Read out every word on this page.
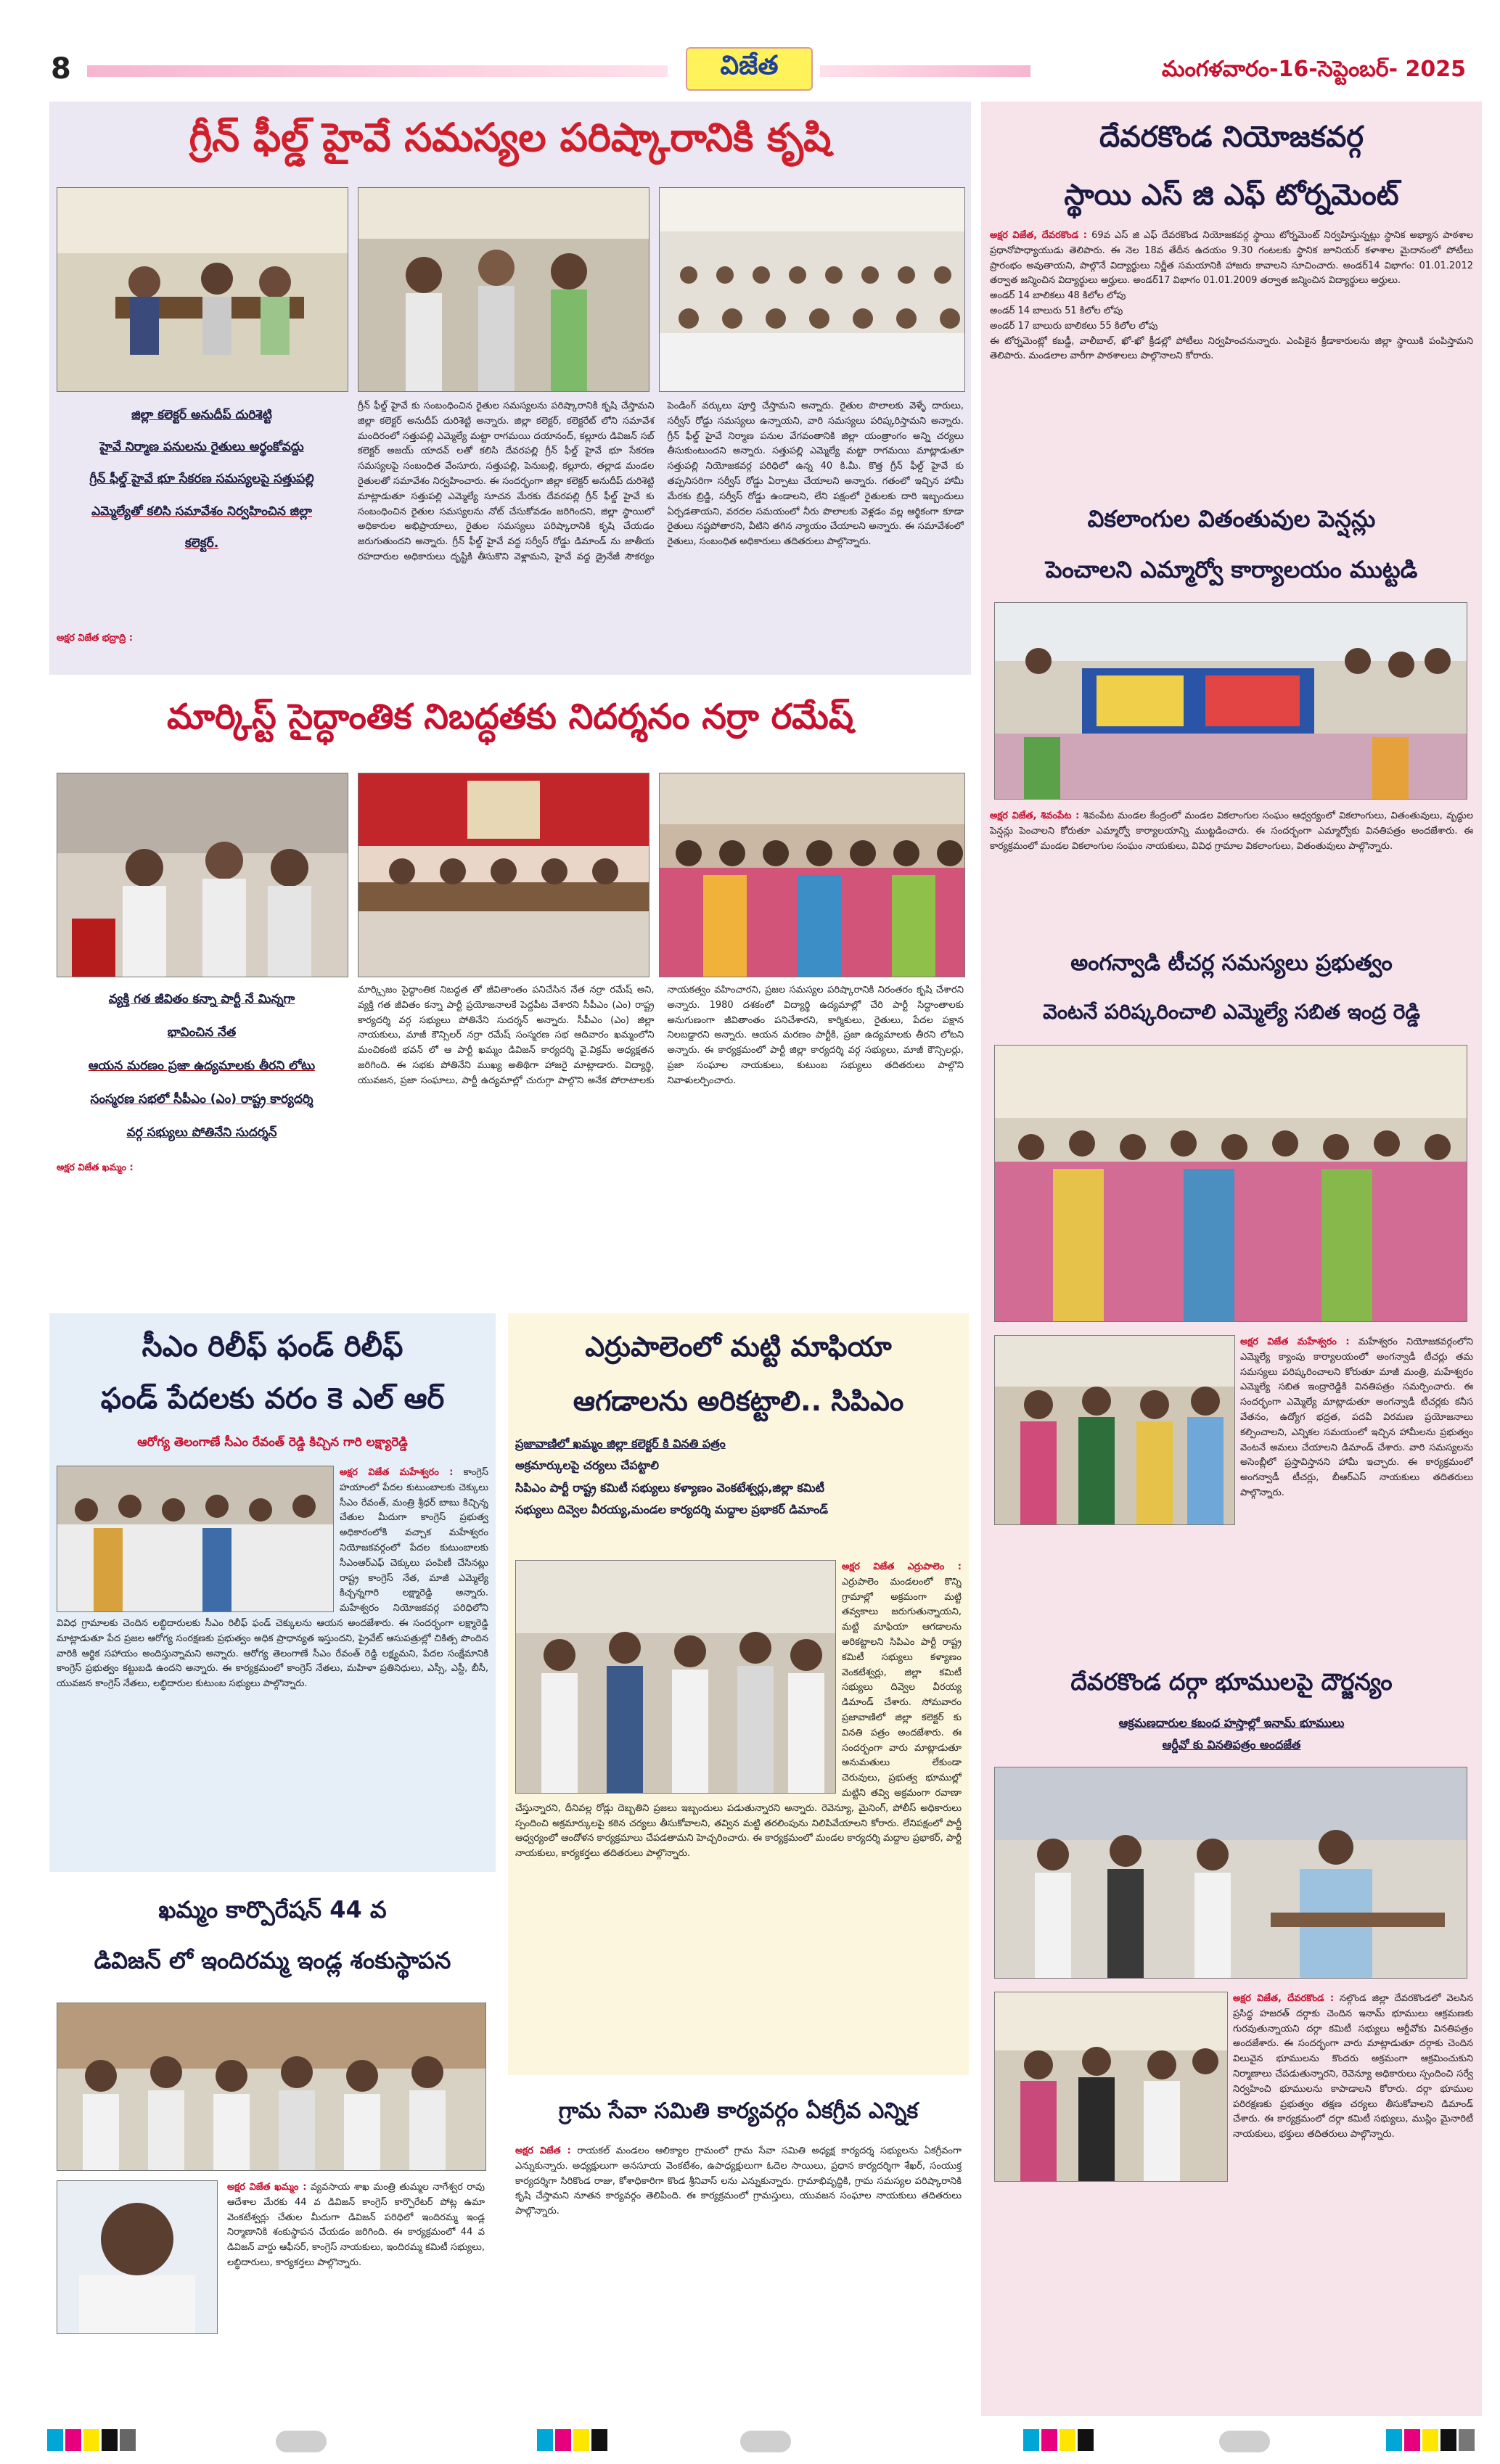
8	విజేత	మంగళవారం-16-సెప్టెంబర్- 2025
గ్రీన్ ఫీల్డ్ హైవే సమస్యల పరిష్కారానికి కృషి
జిల్లా కలెక్టర్ అనుదీప్ దురిశెట్టి
హైవే నిర్మాణ పనులను రైతులు అర్థంకోవద్దు
గ్రీన్ ఫీల్డ్ హైవే భూ సేకరణ సమస్యలపై సత్తుపల్లి
ఎమ్మెల్యేతో కలిసి సమావేశం నిర్వహించిన జిల్లా
కలెక్టర్.
అక్షర విజేత భద్రాద్రి :
గ్రీన్ ఫీల్డ్ హైవే కు సంబంధించిన రైతుల సమస్యలను పరిష్కారానికి కృషి చేస్తామని జిల్లా కలెక్టర్ అనుదీప్ దురిశెట్టి అన్నారు. జిల్లా కలెక్టర్, కలెక్టరేట్ లోని సమావేశ మందిరంలో సత్తుపల్లి ఎమ్మెల్యే మట్టా రాగమయి దయానంద్, కల్లూరు డివిజన్ సబ్ కలెక్టర్ అజయ్ యాదవ్ లతో కలిసి దేవరపల్లి గ్రీన్ ఫీల్డ్ హైవే భూ సేకరణ సమస్యలపై సంబంధిత వేంసూరు, సత్తుపల్లి, పెనుబల్లి, కల్లూరు, తల్లాడ మండల రైతులతో సమావేశం నిర్వహించారు. ఈ సందర్భంగా జిల్లా కలెక్టర్ అనుదీప్ దురిశెట్టి మాట్లాడుతూ సత్తుపల్లి ఎమ్మెల్యే సూచన మేరకు దేవరపల్లి గ్రీన్ ఫీల్డ్ హైవే కు సంబంధించిన రైతుల సమస్యలను నోట్ చేసుకోవడం జరిగిందని, జిల్లా స్థాయిలో అధికారుల అభిప్రాయాలు, రైతుల సమస్యలు పరిష్కారానికి కృషి చేయడం జరుగుతుందని అన్నారు. గ్రీన్ ఫీల్డ్ హైవే వద్ద సర్వీస్ రోడ్డు డిమాండ్ ను జాతీయ రహదారుల అధికారులు దృష్టికి తీసుకొని వెళ్లామని, హైవే వద్ద డ్రైనేజీ సౌకర్యం పెండింగ్ వర్కులు పూర్తి చేస్తామని అన్నారు. రైతుల పొలాలకు వెళ్ళే దారులు, సర్వీస్ రోడ్డు సమస్యలు ఉన్నాయని, వారి సమస్యలు పరిష్కరిస్తామని అన్నారు. గ్రీన్ ఫీల్డ్ హైవే నిర్మాణ పనుల వేగవంతానికి జిల్లా యంత్రాంగం అన్ని చర్యలు తీసుకుంటుందని అన్నారు. సత్తుపల్లి ఎమ్మెల్యే మట్టా రాగమయి మాట్లాడుతూ సత్తుపల్లి నియోజకవర్గ పరిధిలో ఉన్న 40 కి.మీ. కొత్త గ్రీన్ ఫీల్డ్ హైవే కు తప్పనిసరిగా సర్వీస్ రోడ్డు ఏర్పాటు చేయాలని అన్నారు. గతంలో ఇచ్చిన హామీ మేరకు బ్రిడ్జి, సర్వీస్ రోడ్డు ఉండాలని, లేని పక్షంలో రైతులకు దారి ఇబ్బందులు ఏర్పడతాయని, వరదల సమయంలో నీరు పొలాలకు వెళ్లడం వల్ల ఆర్థికంగా కూడా రైతులు నష్టపోతారని, వీటిని తగిన న్యాయం చేయాలని అన్నారు. ఈ సమావేశంలో రైతులు, సంబంధిత అధికారులు తదితరులు పాల్గొన్నారు.
మార్కిస్ట్ సైద్ధాంతిక నిబద్ధతకు నిదర్శనం నర్రా రమేష్
వ్యక్తి గత జీవితం కన్నా పార్టీ నే మిన్నగా
భావించిన నేత
ఆయన మరణం ప్రజా ఉద్యమాలకు తీరని లోటు
సంస్మరణ సభలో సీపీఎం (ఎం) రాష్ట్ర కార్యదర్శి
వర్గ సభ్యులు పోతినేని సుదర్శన్
అక్షర విజేత ఖమ్మం :
మార్క్సిజం సైద్ధాంతిక నిబద్ధత తో జీవితాంతం పనిచేసిన నేత నర్రా రమేష్ అని, వ్యక్తి గత జీవితం కన్నా పార్టీ ప్రయోజనాలకే పెద్దపీట వేశారని సీపీఎం (ఎం) రాష్ట్ర కార్యదర్శి వర్గ సభ్యులు పోతినేని సుదర్శన్ అన్నారు. సీపీఎం (ఎం) జిల్లా నాయకులు, మాజీ కౌన్సిలర్ నర్రా రమేష్ సంస్మరణ సభ ఆదివారం ఖమ్మంలోని మంచికంటి భవన్ లో ఆ పార్టీ ఖమ్మం డివిజన్ కార్యదర్శి వై.విక్రమ్ అధ్యక్షతన జరిగింది. ఈ సభకు పోతినేని ముఖ్య అతిథిగా హాజరై మాట్లాడారు. విద్యార్థి, యువజన, ప్రజా సంఘాలు, పార్టీ ఉద్యమాల్లో చురుగ్గా పాల్గొని అనేక పోరాటాలకు నాయకత్వం వహించారని, ప్రజల సమస్యల పరిష్కారానికి నిరంతరం కృషి చేశారని అన్నారు. 1980 దశకంలో విద్యార్థి ఉద్యమాల్లో చేరి పార్టీ సిద్ధాంతాలకు అనుగుణంగా జీవితాంతం పనిచేశారని, కార్మికులు, రైతులు, పేదల పక్షాన నిలబడ్డారని అన్నారు. ఆయన మరణం పార్టీకి, ప్రజా ఉద్యమాలకు తీరని లోటని అన్నారు. ఈ కార్యక్రమంలో పార్టీ జిల్లా కార్యదర్శి వర్గ సభ్యులు, మాజీ కౌన్సిలర్లు, ప్రజా సంఘాల నాయకులు, కుటుంబ సభ్యులు తదితరులు పాల్గొని నివాళులర్పించారు.
సీఎం రిలీఫ్ ఫండ్ రిలీఫ్
ఫండ్ పేదలకు వరం కె ఎల్ ఆర్
ఆరోగ్య తెలంగాణే సీఎం రేవంత్ రెడ్డి కిచ్చిన గారి లక్ష్యారెడ్డి
అక్షర విజేత మహేశ్వరం : కాంగ్రెస్ హయాంలో పేదల కుటుంబాలకు చెక్కులు సీఎం రేవంత్, మంత్రి శ్రీధర్ బాబు కిచ్చిన్న చేతుల మీదుగా కాంగ్రెస్ ప్రభుత్వ అధికారంలోకి వచ్చాక మహేశ్వరం నియోజకవర్గంలో పేదల కుటుంబాలకు సీఎంఆర్ఎఫ్ చెక్కులు పంపిణీ చేసినట్లు రాష్ట్ర కాంగ్రెస్ నేత, మాజీ ఎమ్మెల్యే కిచ్చన్నగారి లక్ష్మారెడ్డి అన్నారు. మహేశ్వరం నియోజకవర్గ పరిధిలోని వివిధ గ్రామాలకు చెందిన లబ్ధిదారులకు సీఎం రిలీఫ్ ఫండ్ చెక్కులను ఆయన అందజేశారు. ఈ సందర్భంగా లక్ష్మారెడ్డి మాట్లాడుతూ పేద ప్రజల ఆరోగ్య సంరక్షణకు ప్రభుత్వం అధిక ప్రాధాన్యత ఇస్తుందని, ప్రైవేట్ ఆసుపత్రుల్లో చికిత్స పొందిన వారికి ఆర్థిక సహాయం అందిస్తున్నామని అన్నారు. ఆరోగ్య తెలంగాణే సీఎం రేవంత్ రెడ్డి లక్ష్యమని, పేదల సంక్షేమానికి కాంగ్రెస్ ప్రభుత్వం కట్టుబడి ఉందని అన్నారు. ఈ కార్యక్రమంలో కాంగ్రెస్ నేతలు, మహిళా ప్రతినిధులు, ఎస్సీ, ఎస్టీ, బీసీ, యువజన కాంగ్రెస్ నేతలు, లబ్ధిదారుల కుటుంబ సభ్యులు పాల్గొన్నారు.
ఖమ్మం కార్పొరేషన్ 44 వ
డివిజన్ లో ఇందిరమ్మ ఇండ్ల శంకుస్థాపన
అక్షర విజేత ఖమ్మం : వ్యవసాయ శాఖ మంత్రి తుమ్మల నాగేశ్వర రావు ఆదేశాల మేరకు 44 వ డివిజన్ కాంగ్రెస్ కార్పొరేటర్ పోట్ల ఉమా వెంకటేశ్వర్లు చేతుల మీదుగా డివిజన్ పరిధిలో ఇందిరమ్మ ఇండ్ల నిర్మాణానికి శంకుస్థాపన చేయడం జరిగింది. ఈ కార్యక్రమంలో 44 వ డివిజన్ వార్డు ఆఫీసర్, కాంగ్రెస్ నాయకులు, ఇందిరమ్మ కమిటీ సభ్యులు, లబ్ధిదారులు, కార్యకర్తలు పాల్గొన్నారు.
ఎర్రుపాలెంలో మట్టి మాఫియా
ఆగడాలను అరికట్టాలి.. సిపిఎం
ప్రజావాణిలో ఖమ్మం జిల్లా కలెక్టర్ కి వినతి పత్రం
అక్రమార్కులపై చర్యలు చేపట్టాలి
సిపిఎం పార్టీ రాష్ట్ర కమిటీ సభ్యులు కళ్యాణం వెంకటేశ్వర్లు,జిల్లా కమిటీ
సభ్యులు దివ్వెల వీరయ్య,మండల కార్యదర్శి మద్దాల ప్రభాకర్ డిమాండ్
అక్షర విజేత ఎర్రుపాలెం : ఎర్రుపాలెం మండలంలో కొన్ని గ్రామాల్లో అక్రమంగా మట్టి తవ్వకాలు జరుగుతున్నాయని, మట్టి మాఫియా ఆగడాలను అరికట్టాలని సిపిఎం పార్టీ రాష్ట్ర కమిటీ సభ్యులు కళ్యాణం వెంకటేశ్వర్లు, జిల్లా కమిటీ సభ్యులు దివ్వెల వీరయ్య డిమాండ్ చేశారు. సోమవారం ప్రజావాణిలో జిల్లా కలెక్టర్ కు వినతి పత్రం అందజేశారు. ఈ సందర్భంగా వారు మాట్లాడుతూ అనుమతులు లేకుండా చెరువులు, ప్రభుత్వ భూముల్లో మట్టిని తవ్వి అక్రమంగా రవాణా చేస్తున్నారని, దీనివల్ల రోడ్లు దెబ్బతిని ప్రజలు ఇబ్బందులు పడుతున్నారని అన్నారు. రెవెన్యూ, మైనింగ్, పోలీస్ అధికారులు స్పందించి అక్రమార్కులపై కఠిన చర్యలు తీసుకోవాలని, తవ్విన మట్టి తరలింపును నిలిపివేయాలని కోరారు. లేనిపక్షంలో పార్టీ ఆధ్వర్యంలో ఆందోళన కార్యక్రమాలు చేపడతామని హెచ్చరించారు. ఈ కార్యక్రమంలో మండల కార్యదర్శి మద్దాల ప్రభాకర్, పార్టీ నాయకులు, కార్యకర్తలు తదితరులు పాల్గొన్నారు.
గ్రామ సేవా సమితి కార్యవర్గం ఏకగ్రీవ ఎన్నిక
అక్షర విజేత : రాయకల్ మండలం ఆలిక్యాల గ్రామంలో గ్రామ సేవా సమితి అధ్యక్ష కార్యదర్శ సభ్యులను ఏకగ్రీవంగా ఎన్నుకున్నారు. అధ్యక్షులుగా అనసూయ వెంకటేశం, ఉపాధ్యక్షులుగా ఓదెల సాయిలు, ప్రధాన కార్యదర్శిగా శేఖర్, సంయుక్త కార్యదర్శిగా సిరికొండ రాజు, కోశాధికారిగా కొండ శ్రీనివాస్ లను ఎన్నుకున్నారు. గ్రామాభివృద్ధికి, గ్రామ సమస్యల పరిష్కారానికి కృషి చేస్తామని నూతన కార్యవర్గం తెలిపింది. ఈ కార్యక్రమంలో గ్రామస్తులు, యువజన సంఘాల నాయకులు తదితరులు పాల్గొన్నారు.
దేవరకొండ నియోజకవర్గ
స్థాయి ఎస్ జి ఎఫ్ టోర్నమెంట్
అక్షర విజేత, దేవరకొండ : 69వ ఎస్ జి ఎఫ్ దేవరకొండ నియోజకవర్గ స్థాయి టోర్నమెంట్ నిర్వహిస్తున్నట్లు స్థానిక అభ్యాస పాఠశాల ప్రధానోపాధ్యాయుడు తెలిపారు. ఈ నెల 18వ తేదీన ఉదయం 9.30 గంటలకు స్థానిక జూనియర్ కళాశాల మైదానంలో పోటీలు ప్రారంభం అవుతాయని, పాల్గొనే విద్యార్థులు నిర్ణీత సమయానికి హాజరు కావాలని సూచించారు. అండర్14 విభాగం: 01.01.2012 తర్వాత జన్మించిన విద్యార్థులు అర్హులు. అండర్17 విభాగం 01.01.2009 తర్వాత జన్మించిన విద్యార్థులు అర్హులు.
అండర్ 14 బాలికలు 48 కిలోల లోపు
అండర్ 14 బాలురు 51 కిలోల లోపు
అండర్ 17 బాలురు బాలికలు 55 కిలోల లోపు
ఈ టోర్నమెంట్లో కబడ్డీ, వాలీబాల్, ఖో-ఖో క్రీడల్లో పోటీలు నిర్వహించనున్నారు. ఎంపికైన క్రీడాకారులను జిల్లా స్థాయికి పంపిస్తామని తెలిపారు. మండలాల వారీగా పాఠశాలలు పాల్గొనాలని కోరారు.
వికలాంగుల వితంతువుల పెన్షన్లు
పెంచాలని ఎమ్మార్వో కార్యాలయం ముట్టడి
అక్షర విజేత, శివంపేట : శివంపేట మండల కేంద్రంలో మండల వికలాంగుల సంఘం ఆధ్వర్యంలో వికలాంగులు, వితంతువులు, వృద్ధుల పెన్షన్లు పెంచాలని కోరుతూ ఎమ్మార్వో కార్యాలయాన్ని ముట్టడించారు. ఈ సందర్భంగా ఎమ్మార్వోకు వినతిపత్రం అందజేశారు. ఈ కార్యక్రమంలో మండల వికలాంగుల సంఘం నాయకులు, వివిధ గ్రామాల వికలాంగులు, వితంతువులు పాల్గొన్నారు.
అంగన్వాడి టీచర్ల సమస్యలు ప్రభుత్వం
వెంటనే పరిష్కరించాలి ఎమ్మెల్యే సబిత ఇంద్ర రెడ్డి
అక్షర విజేత మహేశ్వరం : మహేశ్వరం నియోజకవర్గంలోని ఎమ్మెల్యే క్యాంపు కార్యాలయంలో అంగన్వాడీ టీచర్లు తమ సమస్యలు పరిష్కరించాలని కోరుతూ మాజీ మంత్రి, మహేశ్వరం ఎమ్మెల్యే సబిత ఇంద్రారెడ్డికి వినతిపత్రం సమర్పించారు. ఈ సందర్భంగా ఎమ్మెల్యే మాట్లాడుతూ అంగన్వాడీ టీచర్లకు కనీస వేతనం, ఉద్యోగ భద్రత, పదవీ విరమణ ప్రయోజనాలు కల్పించాలని, ఎన్నికల సమయంలో ఇచ్చిన హామీలను ప్రభుత్వం వెంటనే అమలు చేయాలని డిమాండ్ చేశారు. వారి సమస్యలను అసెంబ్లీలో ప్రస్తావిస్తానని హామీ ఇచ్చారు. ఈ కార్యక్రమంలో అంగన్వాడీ టీచర్లు, బీఆర్ఎస్ నాయకులు తదితరులు పాల్గొన్నారు.
దేవరకొండ దర్గా భూములపై దౌర్జన్యం
ఆక్రమణదారుల కబంధ హస్తాల్లో ఇనామ్ భూములు
ఆర్డీవో కు వినతిపత్రం అందజేత
అక్షర విజేత, దేవరకొండ : నల్గొండ జిల్లా దేవరకొండలో వెలసిన ప్రసిద్ధ హజరత్ దర్గాకు చెందిన ఇనామ్ భూములు ఆక్రమణకు గురవుతున్నాయని దర్గా కమిటీ సభ్యులు ఆర్డీవోకు వినతిపత్రం అందజేశారు. ఈ సందర్భంగా వారు మాట్లాడుతూ దర్గాకు చెందిన విలువైన భూములను కొందరు అక్రమంగా ఆక్రమించుకుని నిర్మాణాలు చేపడుతున్నారని, రెవెన్యూ అధికారులు స్పందించి సర్వే నిర్వహించి భూములను కాపాడాలని కోరారు. దర్గా భూముల పరిరక్షణకు ప్రభుత్వం తక్షణ చర్యలు తీసుకోవాలని డిమాండ్ చేశారు. ఈ కార్యక్రమంలో దర్గా కమిటీ సభ్యులు, ముస్లిం మైనారిటీ నాయకులు, భక్తులు తదితరులు పాల్గొన్నారు.
